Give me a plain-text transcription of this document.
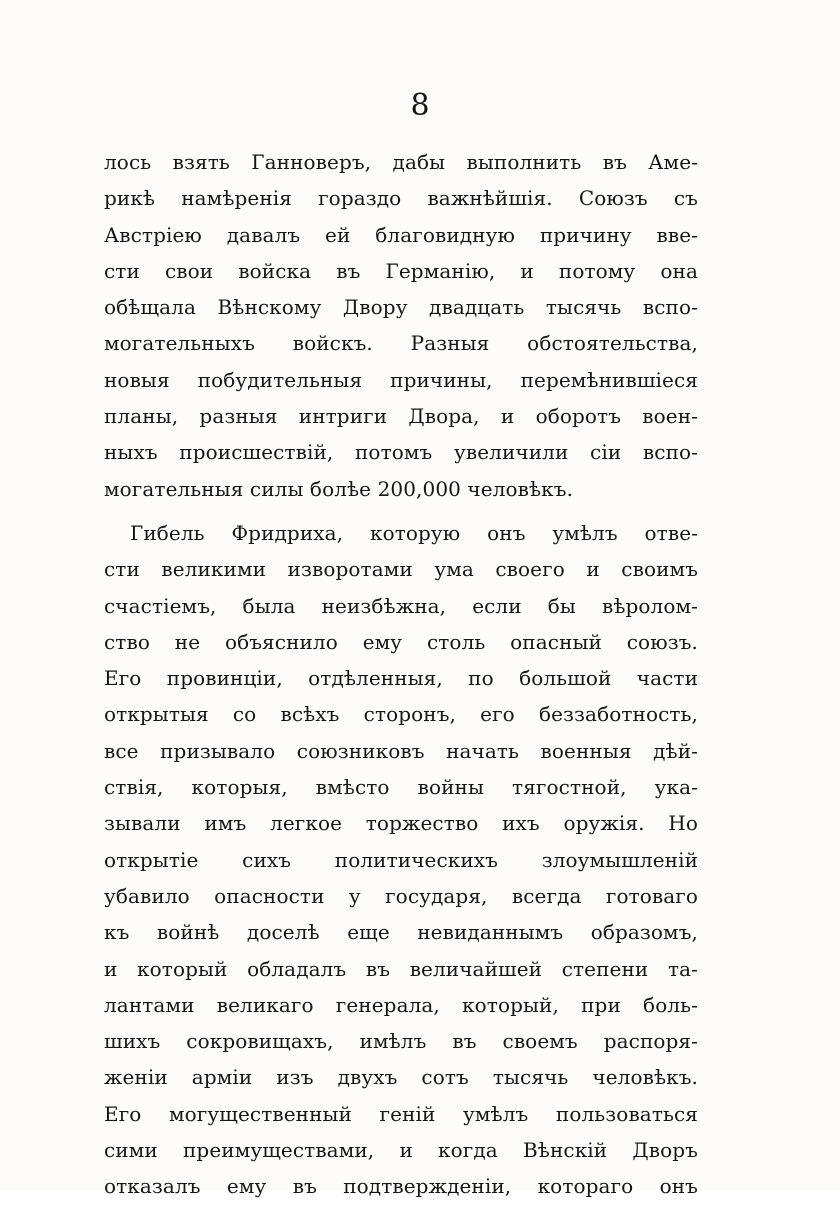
8
лось взять Ганноверъ, дабы выполнить въ Аме-
рикѣ намѣренія гораздо важнѣйшія. Союзъ съ
Австріею давалъ ей благовидную причину вве-
сти свои войска въ Германію, и потому она
обѣщала Вѣнскому Двору двадцать тысячь вспо-
могательныхъ войскъ. Разныя обстоятельства,
новыя побудительныя причины, перемѣнившіеся
планы, разныя интриги Двора, и оборотъ воен-
ныхъ происшествій, потомъ увеличили сіи вспо-
могательныя силы болѣе 200,000 человѣкъ.
Гибель Фридриха, которую онъ умѣлъ отве-
сти великими изворотами ума своего и своимъ
счастіемъ, была неизбѣжна, если бы вѣролом-
ство не объяснило ему столь опасный союзъ.
Его провинціи, отдѣленныя, по большой части
открытыя со всѣхъ сторонъ, его беззаботность,
все призывало союзниковъ начать военныя дѣй-
ствія, которыя, вмѣсто войны тягостной, ука-
зывали имъ легкое торжество ихъ оружія. Но
открытіе сихъ политическихъ злоумышленій
убавило опасности у государя, всегда готоваго
къ войнѣ доселѣ еще невиданнымъ образомъ,
и который обладалъ въ величайшей степени та-
лантами великаго генерала, который, при боль-
шихъ сокровищахъ, имѣлъ въ своемъ распоря-
женіи арміи изъ двухъ сотъ тысячь человѣкъ.
Его могущественный геній умѣлъ пользоваться
сими преимуществами, и когда Вѣнскій Дворъ
отказалъ ему въ подтвержденіи, котораго онъ
